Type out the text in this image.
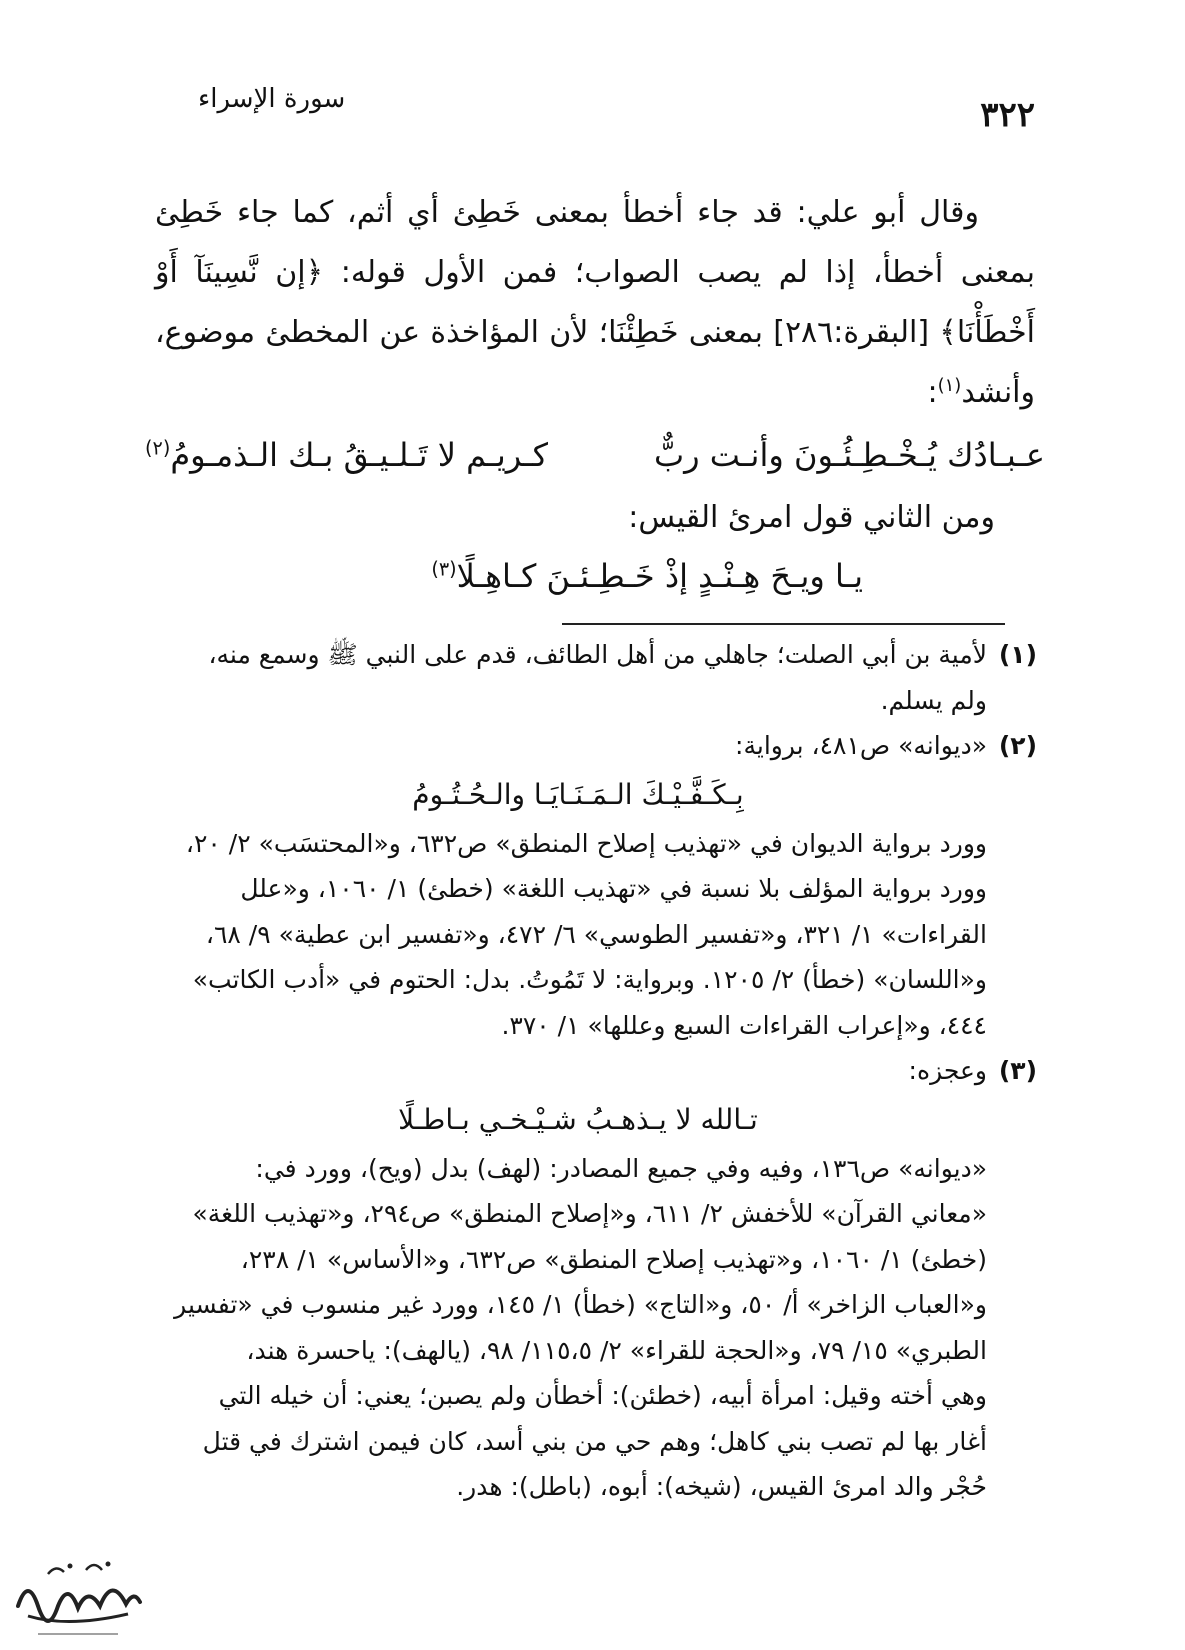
٣٢٢
سورة الإسراء

وقال أبو علي: قد جاء أخطأ بمعنى خَطِئ أي أثم، كما جاء خَطِئ بمعنى أخطأ، إذا لم يصب الصواب؛ فمن الأول قوله: ﴿إن نَّسِينَآ أَوْ أَخْطَأْنَا﴾ [البقرة:٢٨٦] بمعنى خَطِئْنَا؛ لأن المؤاخذة عن المخطئ موضوع، وأنشد$^{(١)}$:

عـبـادُك يُـخْـطِـئُـونَ وأنـت ربٌّ
كـريـم لا تَـلـيـقُ بـك الـذمـومُ$^{(٢)}$
ومن الثاني قول امرئ القيس:
يـا ويـحَ هِـنْـدٍ إذْ خَـطِـئـنَ كـاهِـلًا$^{(٣)}$

(١)لأمية بن أبي الصلت؛ جاهلي من أهل الطائف، قدم على النبي ﷺ وسمع منه،

ولم يسلم.

(٢)«ديوانه» ص٤٨١، برواية:

بِـكَـفَّـيْـكَ الـمَـنَـايَـا والـحُـتُـومُ

وورد برواية الديوان في «تهذيب إصلاح المنطق» ص٦٣٢، و«المحتسَب» ٢/ ٢٠،

وورد برواية المؤلف بلا نسبة في «تهذيب اللغة» (خطئ) ١/ ١٠٦٠، و«علل

القراءات» ١/ ٣٢١، و«تفسير الطوسي» ٦/ ٤٧٢، و«تفسير ابن عطية» ٩/ ٦٨،

و«اللسان» (خطأ) ٢/ ١٢٠٥. وبرواية: لا تَمُوتُ. بدل: الحتوم في «أدب الكاتب»

٤٤٤، و«إعراب القراءات السبع وعللها» ١/ ٣٧٠.

(٣)وعجزه:

تـالله لا يـذهـبُ شـيْـخـي بـاطـلًا

«ديوانه» ص١٣٦، وفيه وفي جميع المصادر: (لهف) بدل (ويح)، وورد في:

«معاني القرآن» للأخفش ٢/ ٦١١، و«إصلاح المنطق» ص٢٩٤، و«تهذيب اللغة»

(خطئ) ١/ ١٠٦٠، و«تهذيب إصلاح المنطق» ص٦٣٢، و«الأساس» ١/ ٢٣٨،

و«العباب الزاخر» أ/ ٥٠، و«التاج» (خطأ) ١/ ١٤٥، وورد غير منسوب في «تفسير

الطبري» ١٥/ ٧٩، و«الحجة للقراء» ٢/ ١١٥،٥/ ٩٨، (يالهف): ياحسرة هند،

وهي أخته وقيل: امرأة أبيه، (خطئن): أخطأن ولم يصبن؛ يعني: أن خيله التي

أغار بها لم تصب بني كاهل؛ وهم حي من بني أسد، كان فيمن اشترك في قتل

حُجْر والد امرئ القيس، (شيخه): أبوه، (باطل): هدر.
